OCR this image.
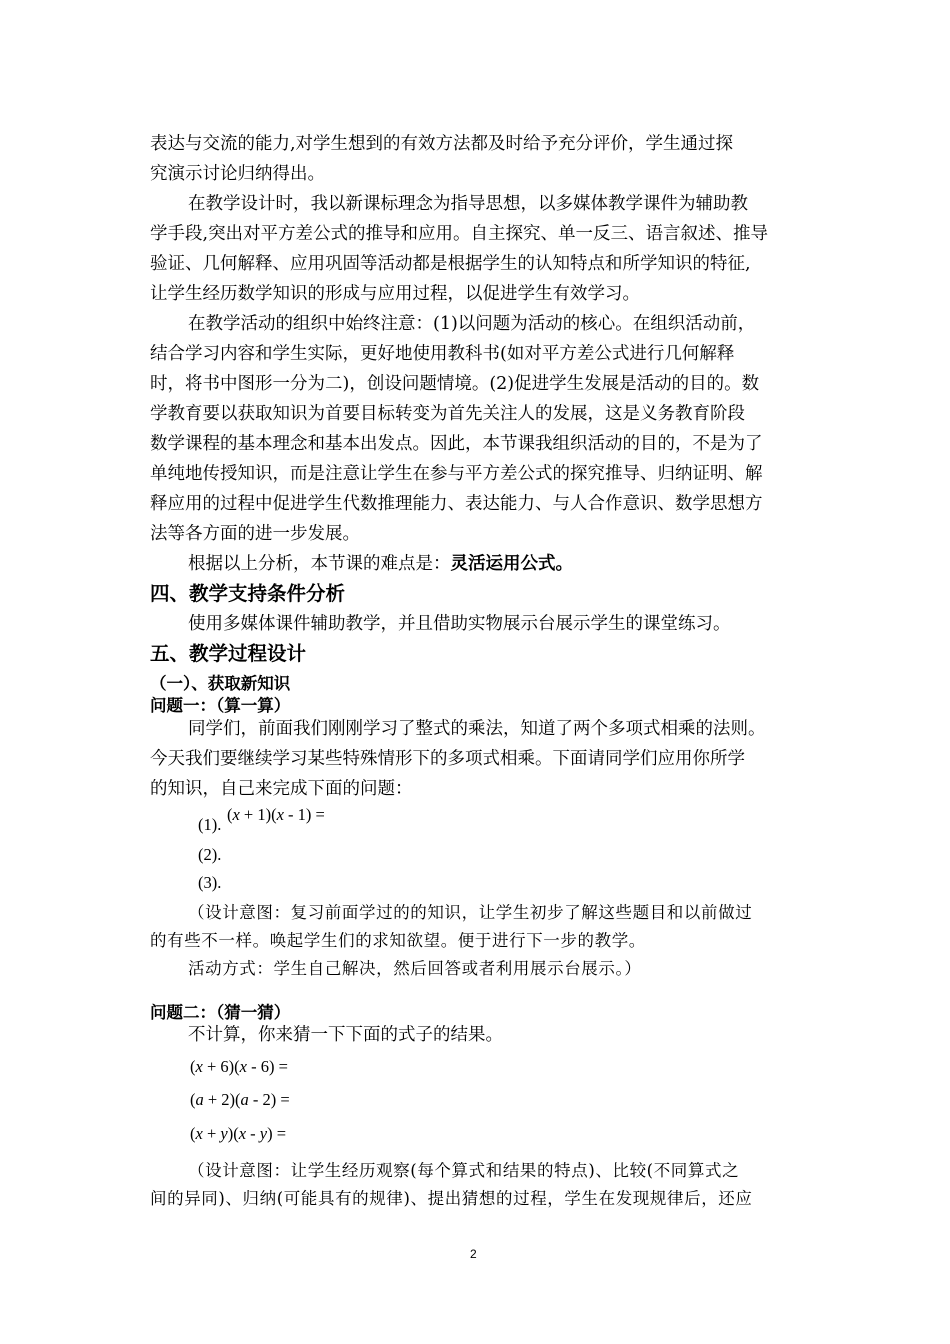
表达与交流的能力,对学生想到的有效方法都及时给予充分评价，学生通过探
究演示讨论归纳得出。
在教学设计时，我以新课标理念为指导思想，以多媒体教学课件为辅助教
学手段,突出对平方差公式的推导和应用。自主探究、单一反三、语言叙述、推导
验证、几何解释、应用巩固等活动都是根据学生的认知特点和所学知识的特征,
让学生经历数学知识的形成与应用过程，以促进学生有效学习。
在教学活动的组织中始终注意：(1)以问题为活动的核心。在组织活动前，
结合学习内容和学生实际，更好地使用教科书(如对平方差公式进行几何解释
时，将书中图形一分为二)，创设问题情境。(2)促进学生发展是活动的目的。数
学教育要以获取知识为首要目标转变为首先关注人的发展，这是义务教育阶段
数学课程的基本理念和基本出发点。因此，本节课我组织活动的目的，不是为了
单纯地传授知识，而是注意让学生在参与平方差公式的探究推导、归纳证明、解
释应用的过程中促进学生代数推理能力、表达能力、与人合作意识、数学思想方
法等各方面的进一步发展。
根据以上分析，本节课的难点是：灵活运用公式。
四、教学支持条件分析
使用多媒体课件辅助教学，并且借助实物展示台展示学生的课堂练习。
五、教学过程设计
（一）、获取新知识
问题一：（算一算）
同学们，前面我们刚刚学习了整式的乘法，知道了两个多项式相乘的法则。
今天我们要继续学习某些特殊情形下的多项式相乘。下面请同学们应用你所学
的知识，自己来完成下面的问题：
(1). (x + 1)(x - 1) =
(2).
(3).
（设计意图：复习前面学过的的知识，让学生初步了解这些题目和以前做过
的有些不一样。唤起学生们的求知欲望。便于进行下一步的教学。
活动方式：学生自己解决，然后回答或者利用展示台展示。）
问题二：（猜一猜）
不计算，你来猜一下下面的式子的结果。
(x + 6)(x - 6) =
(a + 2)(a - 2) =
(x + y)(x - y) =
（设计意图：让学生经历观察(每个算式和结果的特点)、比较(不同算式之
间的异同)、归纳(可能具有的规律)、提出猜想的过程，学生在发现规律后，还应
2
